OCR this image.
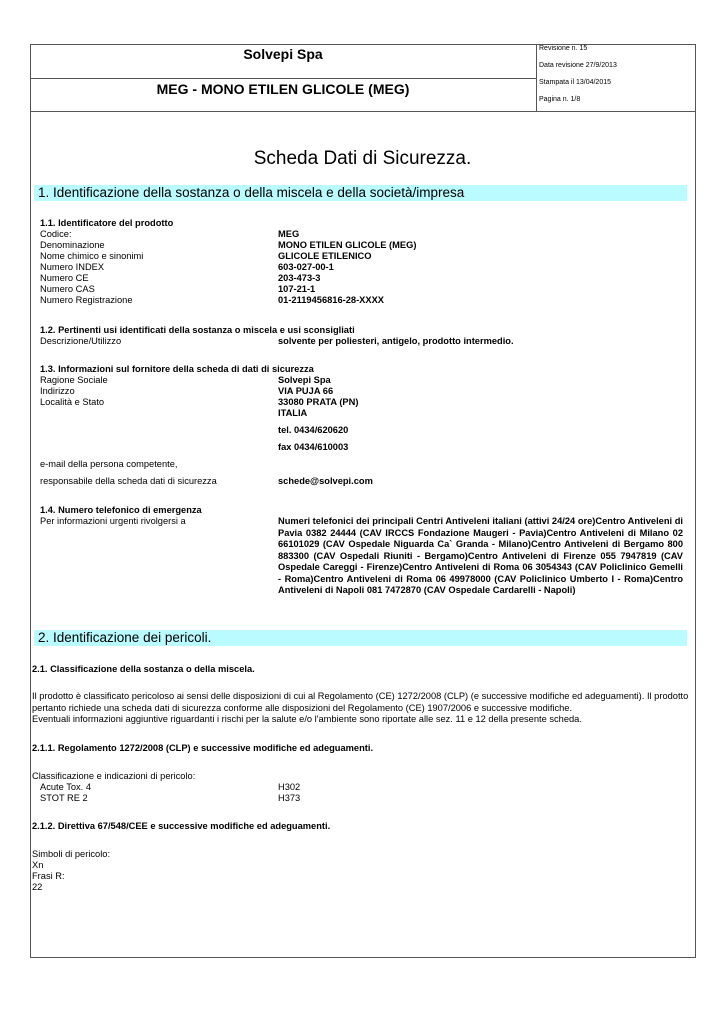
Solvepi Spa
MEG - MONO ETILEN GLICOLE (MEG)
Revisione n. 15
Data revisione 27/9/2013
Stampata il 13/04/2015
Pagina n. 1/8
Scheda Dati di Sicurezza.
1. Identificazione della sostanza o della miscela e della società/impresa
1.1. Identificatore del prodotto
Codice:	MEG
Denominazione	MONO ETILEN GLICOLE (MEG)
Nome chimico e sinonimi	GLICOLE ETILENICO
Numero INDEX	603-027-00-1
Numero CE	203-473-3
Numero CAS	107-21-1
Numero Registrazione	01-2119456816-28-XXXX
1.2. Pertinenti usi identificati della sostanza o miscela e usi sconsigliati
Descrizione/Utilizzo	solvente per poliesteri, antigelo, prodotto intermedio.
1.3. Informazioni sul fornitore della scheda di dati di sicurezza
Ragione Sociale	Solvepi Spa
Indirizzo	VIA PUJA 66
Località e Stato	33080 PRATA (PN)
ITALIA
tel. 0434/620620
fax 0434/610003
e-mail della persona competente,
responsabile della scheda dati di sicurezza	schede@solvepi.com
1.4. Numero telefonico di emergenza
Per informazioni urgenti rivolgersi a	Numeri telefonici dei principali Centri Antiveleni italiani (attivi 24/24 ore)Centro Antiveleni di Pavia 0382 24444 (CAV IRCCS Fondazione Maugeri - Pavia)Centro Antiveleni di Milano 02 66101029 (CAV Ospedale Niguarda Ca` Granda - Milano)Centro Antiveleni di Bergamo 800 883300 (CAV Ospedali Riuniti - Bergamo)Centro Antiveleni di Firenze 055 7947819 (CAV Ospedale Careggi - Firenze)Centro Antiveleni di Roma 06 3054343 (CAV Policlinico Gemelli - Roma)Centro Antiveleni di Roma 06 49978000 (CAV Policlinico Umberto I - Roma)Centro Antiveleni di Napoli 081 7472870 (CAV Ospedale Cardarelli - Napoli)
2. Identificazione dei pericoli.
2.1. Classificazione della sostanza o della miscela.
Il prodotto è classificato pericoloso ai sensi delle disposizioni di cui al Regolamento (CE) 1272/2008 (CLP) (e successive modifiche ed adeguamenti). Il prodotto pertanto richiede una scheda dati di sicurezza conforme alle disposizioni del Regolamento (CE) 1907/2006 e successive modifiche.
Eventuali informazioni aggiuntive riguardanti i rischi per la salute e/o l'ambiente sono riportate alle sez. 11 e 12 della presente scheda.
2.1.1. Regolamento 1272/2008 (CLP) e successive modifiche ed adeguamenti.
Classificazione e indicazioni di pericolo:
Acute Tox. 4	H302
STOT RE 2	H373
2.1.2. Direttiva 67/548/CEE e successive modifiche ed adeguamenti.
Simboli di pericolo:
Xn
Frasi R:
22
